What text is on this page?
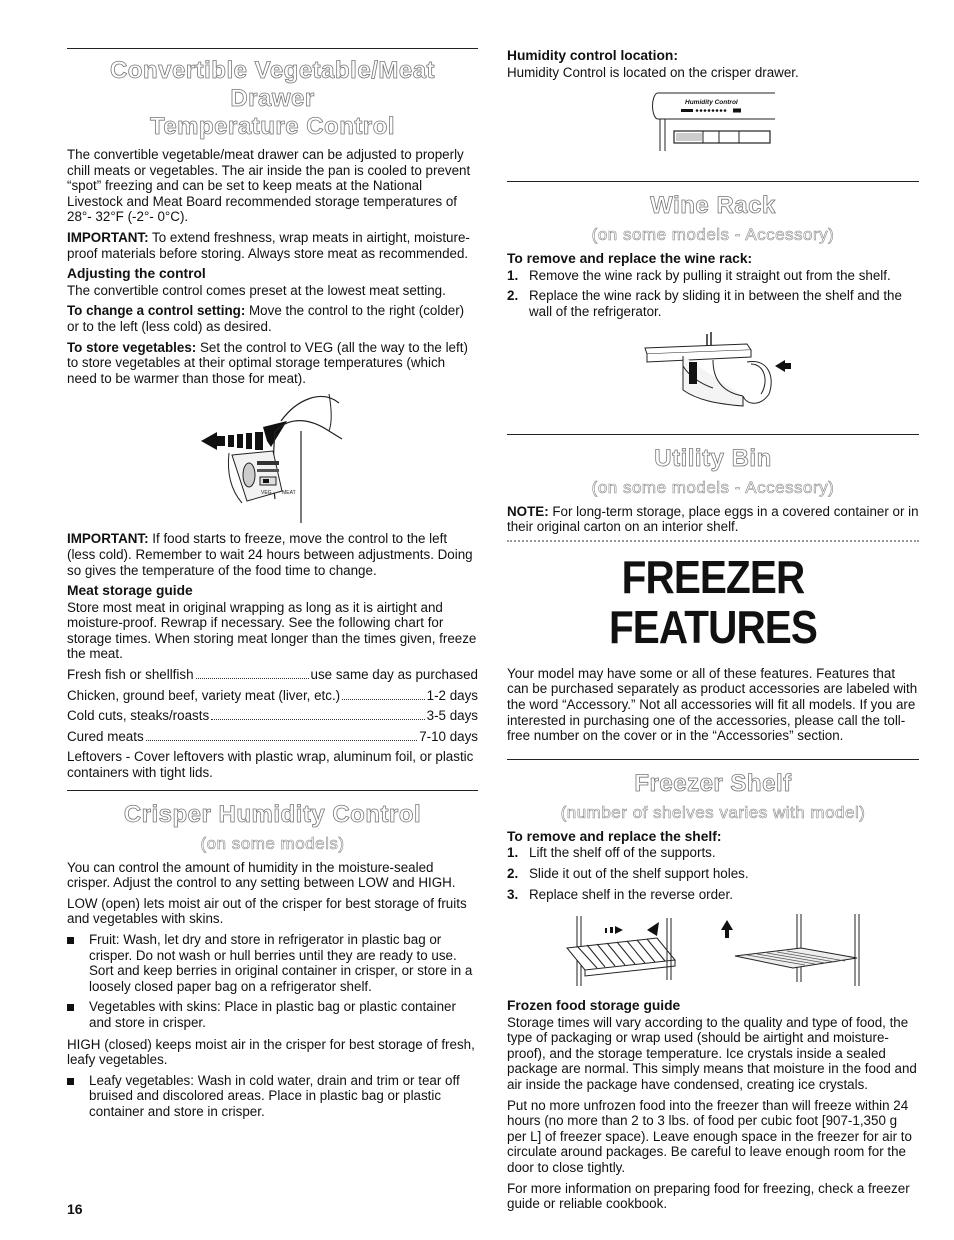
Convertible Vegetable/Meat Drawer
Temperature Control

The convertible vegetable/meat drawer can be adjusted to properly chill meats or vegetables. The air inside the pan is cooled to prevent “spot” freezing and can be set to keep meats at the National Livestock and Meat Board recommended storage temperatures of 28°- 32°F (-2°- 0°C).

IMPORTANT: To extend freshness, wrap meats in airtight, moisture-proof materials before storing. Always store meat as recommended.

Adjusting the control

The convertible control comes preset at the lowest meat setting.

To change a control setting: Move the control to the right (colder) or to the left (less cold) as desired.

To store vegetables: Set the control to VEG (all the way to the left) to store vegetables at their optimal storage temperatures (which need to be warmer than those for meat).

VEG · · · MEAT

IMPORTANT: If food starts to freeze, move the control to the left (less cold). Remember to wait 24 hours between adjustments. Doing so gives the temperature of the food time to change.

Meat storage guide

Store most meat in original wrapping as long as it is airtight and moisture-proof. Rewrap if necessary. See the following chart for storage times. When storing meat longer than the times given, freeze the meat.

Fresh fish or shellfish	use same day as purchased
Chicken, ground beef, variety meat (liver, etc.)	1-2 days
Cold cuts, steaks/roasts	3-5 days
Cured meats	7-10 days

Leftovers - Cover leftovers with plastic wrap, aluminum foil, or plastic containers with tight lids.

Crisper Humidity Control
(on some models)

You can control the amount of humidity in the moisture-sealed crisper. Adjust the control to any setting between LOW and HIGH.

LOW (open) lets moist air out of the crisper for best storage of fruits and vegetables with skins.

Fruit: Wash, let dry and store in refrigerator in plastic bag or crisper. Do not wash or hull berries until they are ready to use. Sort and keep berries in original container in crisper, or store in a loosely closed paper bag on a refrigerator shelf.
Vegetables with skins: Place in plastic bag or plastic container and store in crisper.

HIGH (closed) keeps moist air in the crisper for best storage of fresh, leafy vegetables.

Leafy vegetables: Wash in cold water, drain and trim or tear off bruised and discolored areas. Place in plastic bag or plastic container and store in crisper.

Humidity control location:

Humidity Control is located on the crisper drawer.

Humidity Control
Wine Rack
(on some models - Accessory)

To remove and replace the wine rack:

1. Remove the wine rack by pulling it straight out from the shelf.
2. Replace the wine rack by sliding it in between the shelf and the wall of the refrigerator.
Utility Bin
(on some models - Accessory)

NOTE: For long-term storage, place eggs in a covered container or in their original carton on an interior shelf.

FREEZER FEATURES

Your model may have some or all of these features. Features that can be purchased separately as product accessories are labeled with the word “Accessory.” Not all accessories will fit all models. If you are interested in purchasing one of the accessories, please call the toll-free number on the cover or in the “Accessories” section.

Freezer Shelf
(number of shelves varies with model)

To remove and replace the shelf:

1. Lift the shelf off of the supports.
2. Slide it out of the shelf support holes.
3. Replace shelf in the reverse order.

Frozen food storage guide

Storage times will vary according to the quality and type of food, the type of packaging or wrap used (should be airtight and moisture-proof), and the storage temperature. Ice crystals inside a sealed package are normal. This simply means that moisture in the food and air inside the package have condensed, creating ice crystals.

Put no more unfrozen food into the freezer than will freeze within 24 hours (no more than 2 to 3 lbs. of food per cubic foot [907-1,350 g per L] of freezer space). Leave enough space in the freezer for air to circulate around packages. Be careful to leave enough room for the door to close tightly.

For more information on preparing food for freezing, check a freezer guide or reliable cookbook.

16
